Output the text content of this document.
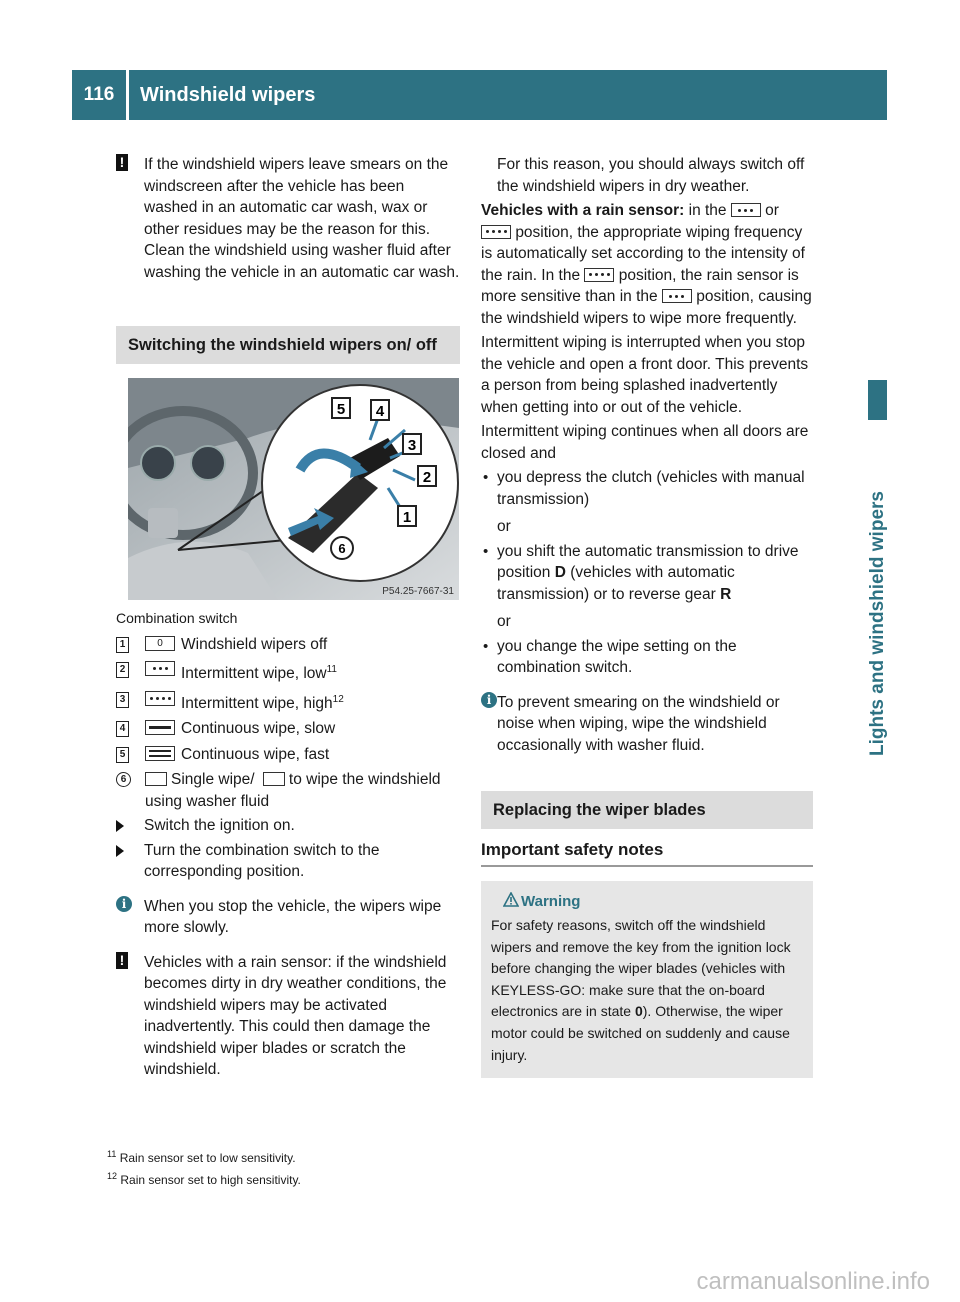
116	Windshield wipers
Lights and windshield wipers

! If the windshield wipers leave smears on the windscreen after the vehicle has been washed in an automatic car wash, wax or other residues may be the reason for this. Clean the windshield using washer fluid after washing the vehicle in an automatic car wash.

Switching the windshield wipers on/ off
5 4
3
2
1
6
P54.25-7667-31
Combination switch
1	0	Windshield wipers off
2	Intermittent wipe, low$^{11}$
3	Intermittent wipe, high$^{12}$
4	Continuous wipe, slow
5	Continuous wipe, fast
6	Single wipe/ to wipe the windshield using washer fluid
Switch the ignition on.
Turn the combination switch to the corresponding position.

i	When you stop the vehicle, the wipers wipe more slowly.

! Vehicles with a rain sensor: if the windshield becomes dirty in dry weather conditions, the windshield wipers may be activated inadvertently. This could then damage the windshield wiper blades or scratch the windshield.

For this reason, you should always switch off the windshield wipers in dry weather.

Vehicles with a rain sensor: in the or
position, the appropriate wiping frequency is automatically set according to the intensity of the rain. In the position, the rain sensor is more sensitive than in the position, causing the windshield wipers to wipe more frequently.

Intermittent wiping is interrupted when you stop the vehicle and open a front door. This prevents a person from being splashed inadvertently when getting into or out of the vehicle.

Intermittent wiping continues when all doors are closed and

• you depress the clutch (vehicles with manual transmission)
or
• you shift the automatic transmission to drive position D (vehicles with automatic transmission) or to reverse gear R
or
• you change the wipe setting on the combination switch.

i To prevent smearing on the windshield or noise when wiping, wipe the windshield occasionally with washer fluid.

Replacing the wiper blades
Important safety notes
Warning
For safety reasons, switch off the windshield wipers and remove the key from the ignition lock before changing the wiper blades (vehicles with KEYLESS-GO: make sure that the on-board electronics are in state 0). Otherwise, the wiper motor could be switched on suddenly and cause injury.
$^{11}$ Rain sensor set to low sensitivity.
$^{12}$ Rain sensor set to high sensitivity.
carmanualsonline.info
